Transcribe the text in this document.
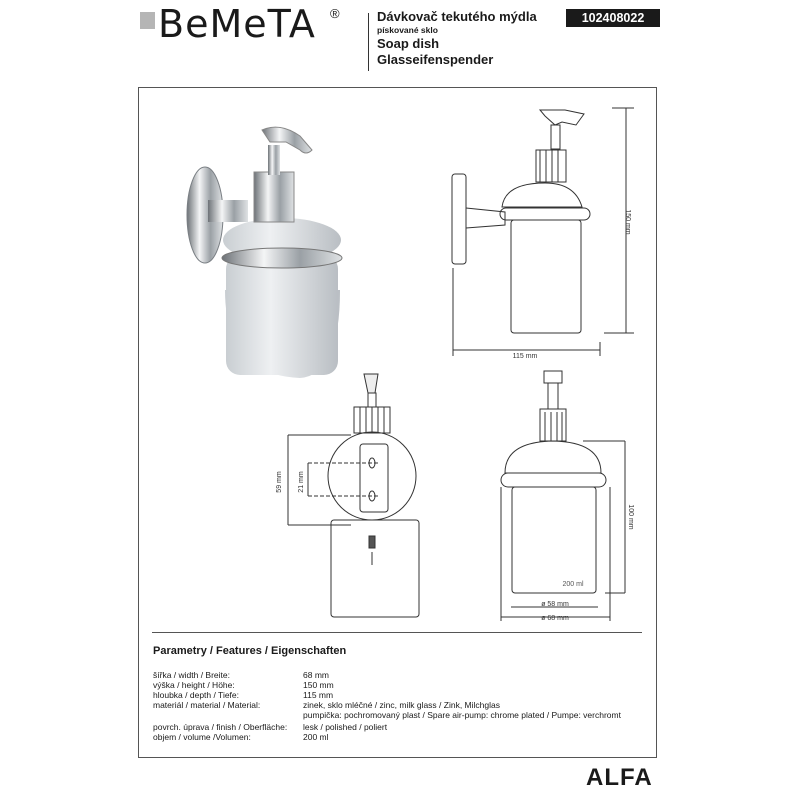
BeMeTA ®	Dávkovač tekutého mýdla
pískované sklo
Soap dish
Glasseifenspender
102408022
150 mm
115 mm
59 mm 21 mm
100 mm
200 ml
ø 58 mm
ø 68 mm
Parametry / Features / Eigenschaften
šířka / width / Breite:	68 mm
výška / height / Höhe:	150 mm
hloubka / depth / Tiefe:	115 mm
materiál / material / Material:	zinek, sklo mléčné / zinc, milk glass / Zink, Milchglas
pumpička: pochromovaný plast / Spare air-pump: chrome plated / Pumpe: verchromt
povrch. úprava / finish / Oberfläche: lesk / polished / poliert
objem / volume /Volumen:	200 ml
ALFA
